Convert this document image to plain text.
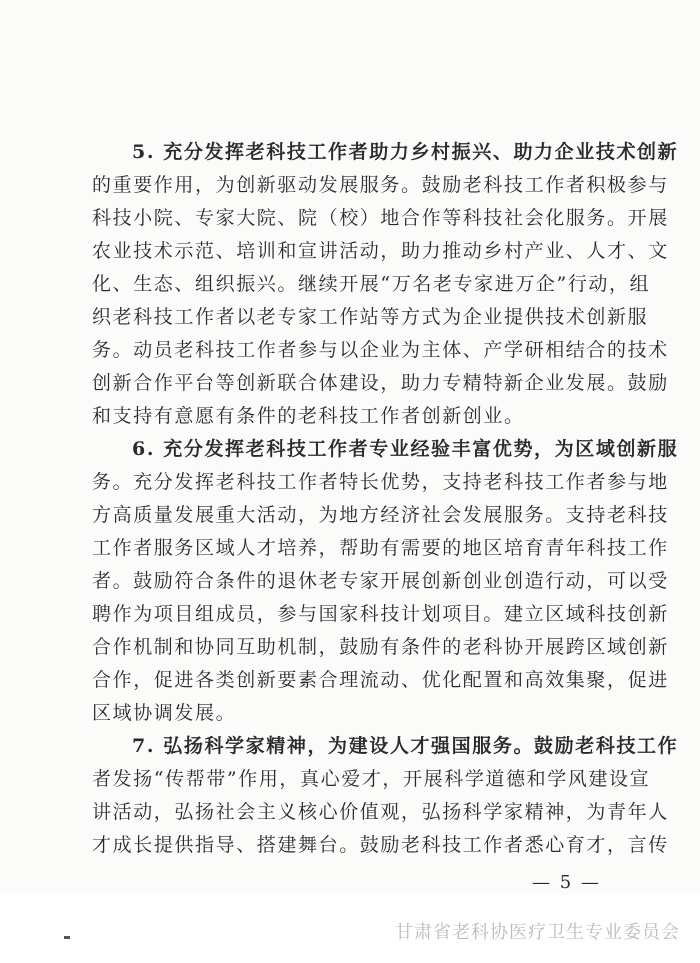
5. 充分发挥老科技工作者助力乡村振兴、助力企业技术创新
的重要作用，为创新驱动发展服务。鼓励老科技工作者积极参与
科技小院、专家大院、院（校）地合作等科技社会化服务。开展
农业技术示范、培训和宣讲活动，助力推动乡村产业、人才、文
化、生态、组织振兴。继续开展“万名老专家进万企”行动，组
织老科技工作者以老专家工作站等方式为企业提供技术创新服
务。动员老科技工作者参与以企业为主体、产学研相结合的技术
创新合作平台等创新联合体建设，助力专精特新企业发展。鼓励
和支持有意愿有条件的老科技工作者创新创业。
6. 充分发挥老科技工作者专业经验丰富优势，为区域创新服
务。充分发挥老科技工作者特长优势，支持老科技工作者参与地
方高质量发展重大活动，为地方经济社会发展服务。支持老科技
工作者服务区域人才培养，帮助有需要的地区培育青年科技工作
者。鼓励符合条件的退休老专家开展创新创业创造行动，可以受
聘作为项目组成员，参与国家科技计划项目。建立区域科技创新
合作机制和协同互助机制，鼓励有条件的老科协开展跨区域创新
合作，促进各类创新要素合理流动、优化配置和高效集聚，促进
区域协调发展。
7. 弘扬科学家精神，为建设人才强国服务。鼓励老科技工作
者发扬“传帮带”作用，真心爱才，开展科学道德和学风建设宣
讲活动，弘扬社会主义核心价值观，弘扬科学家精神，为青年人
才成长提供指导、搭建舞台。鼓励老科技工作者悉心育才，言传
— 5 —
甘肃省老科协医疗卫生专业委员会
